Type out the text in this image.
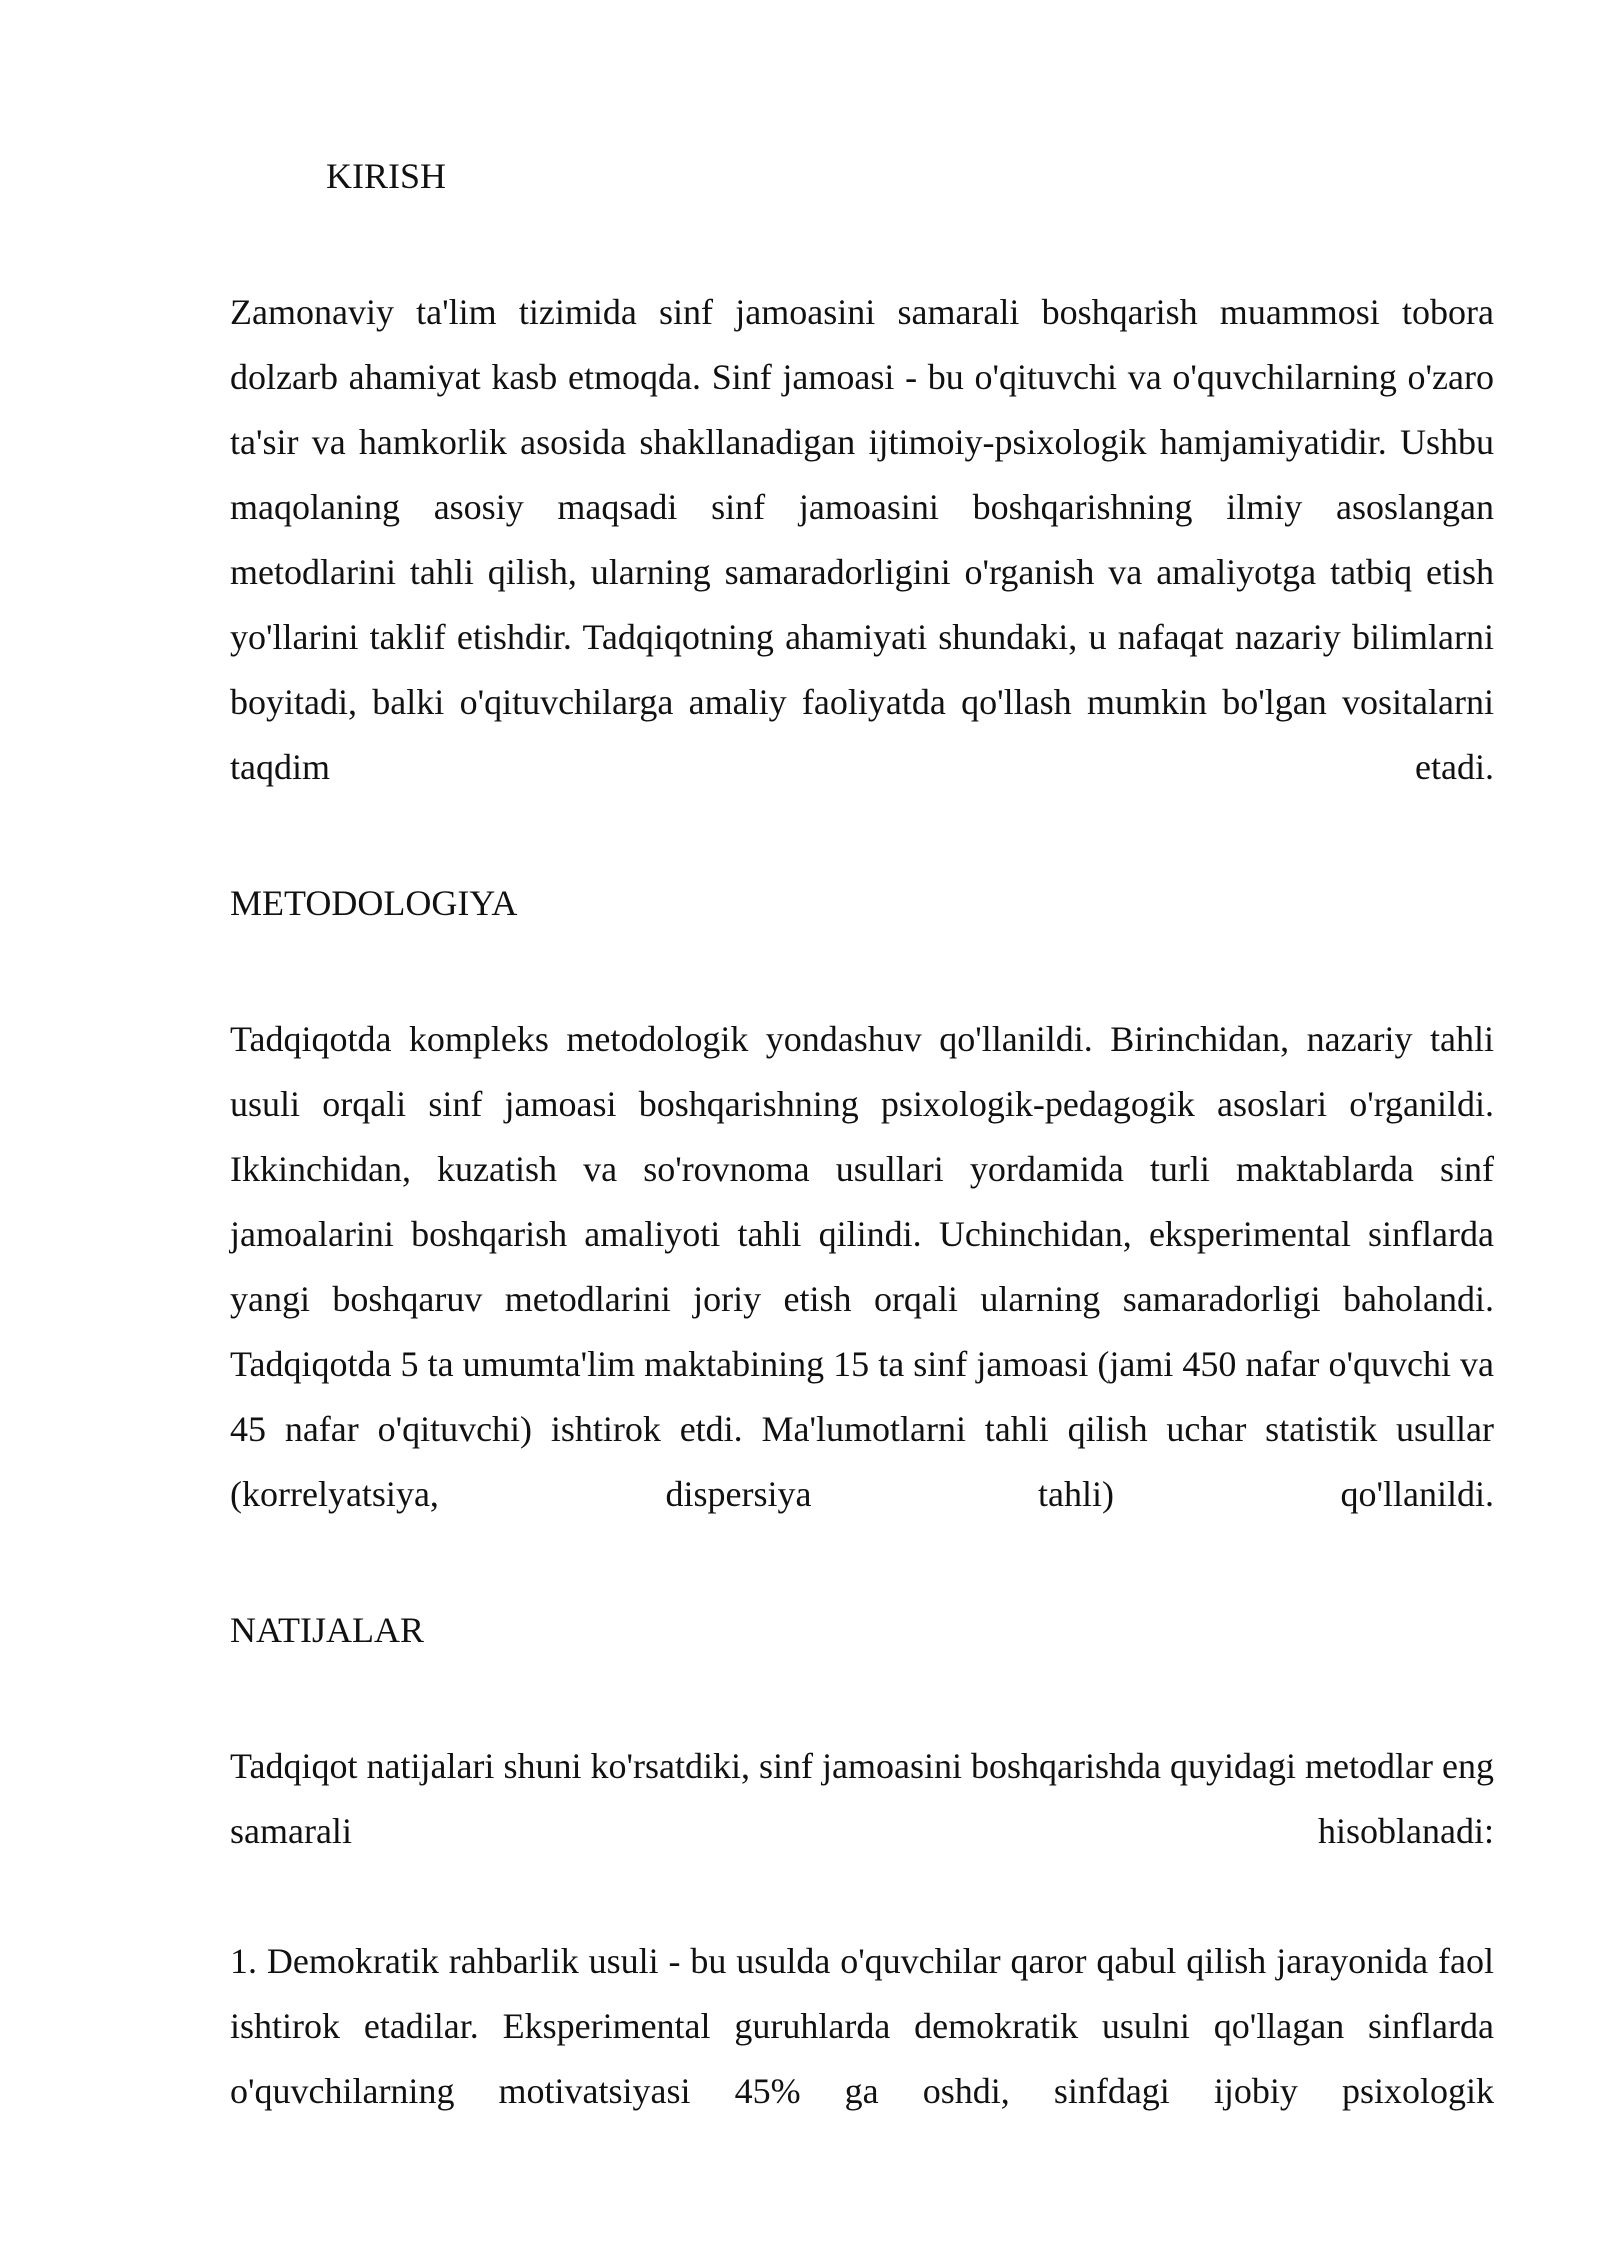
KIRISH

Zamonaviy ta'lim tizimida sinf jamoasini samarali boshqarish muammosi tobora dolzarb ahamiyat kasb etmoqda. Sinf jamoasi - bu o'qituvchi va o'quvchilarning o'zaro ta'sir va hamkorlik asosida shakllanadigan ijtimoiy-psixologik hamjamiyatidir. Ushbu maqolaning asosiy maqsadi sinf jamoasini boshqarishning ilmiy asoslangan metodlarini tahli qilish, ularning samaradorligini o'rganish va amaliyotga tatbiq etish yo'llarini taklif etishdir. Tadqiqotning ahamiyati shundaki, u nafaqat nazariy bilimlarni boyitadi, balki o'qituvchilarga amaliy faoliyatda qo'llash mumkin bo'lgan vositalarni taqdim etadi.

METODOLOGIYA

Tadqiqotda kompleks metodologik yondashuv qo'llanildi. Birinchidan, nazariy tahli usuli orqali sinf jamoasi boshqarishning psixologik-pedagogik asoslari o'rganildi. Ikkinchidan, kuzatish va so'rovnoma usullari yordamida turli maktablarda sinf jamoalarini boshqarish amaliyoti tahli qilindi. Uchinchidan, eksperimental sinflarda yangi boshqaruv metodlarini joriy etish orqali ularning samaradorligi baholandi. Tadqiqotda 5 ta umumta'lim maktabining 15 ta sinf jamoasi (jami 450 nafar o'quvchi va 45 nafar o'qituvchi) ishtirok etdi. Ma'lumotlarni tahli qilish uchar statistik usullar (korrelyatsiya, dispersiya tahli) qo'llanildi.

NATIJALAR

Tadqiqot natijalari shuni ko'rsatdiki, sinf jamoasini boshqarishda quyidagi metodlar eng samarali hisoblanadi:

1. Demokratik rahbarlik usuli - bu usulda o'quvchilar qaror qabul qilish jarayonida faol ishtirok etadilar. Eksperimental guruhlarda demokratik usulni qo'llagan sinflarda o'quvchilarning motivatsiyasi 45% ga oshdi, sinfdagi ijobiy psixologik
